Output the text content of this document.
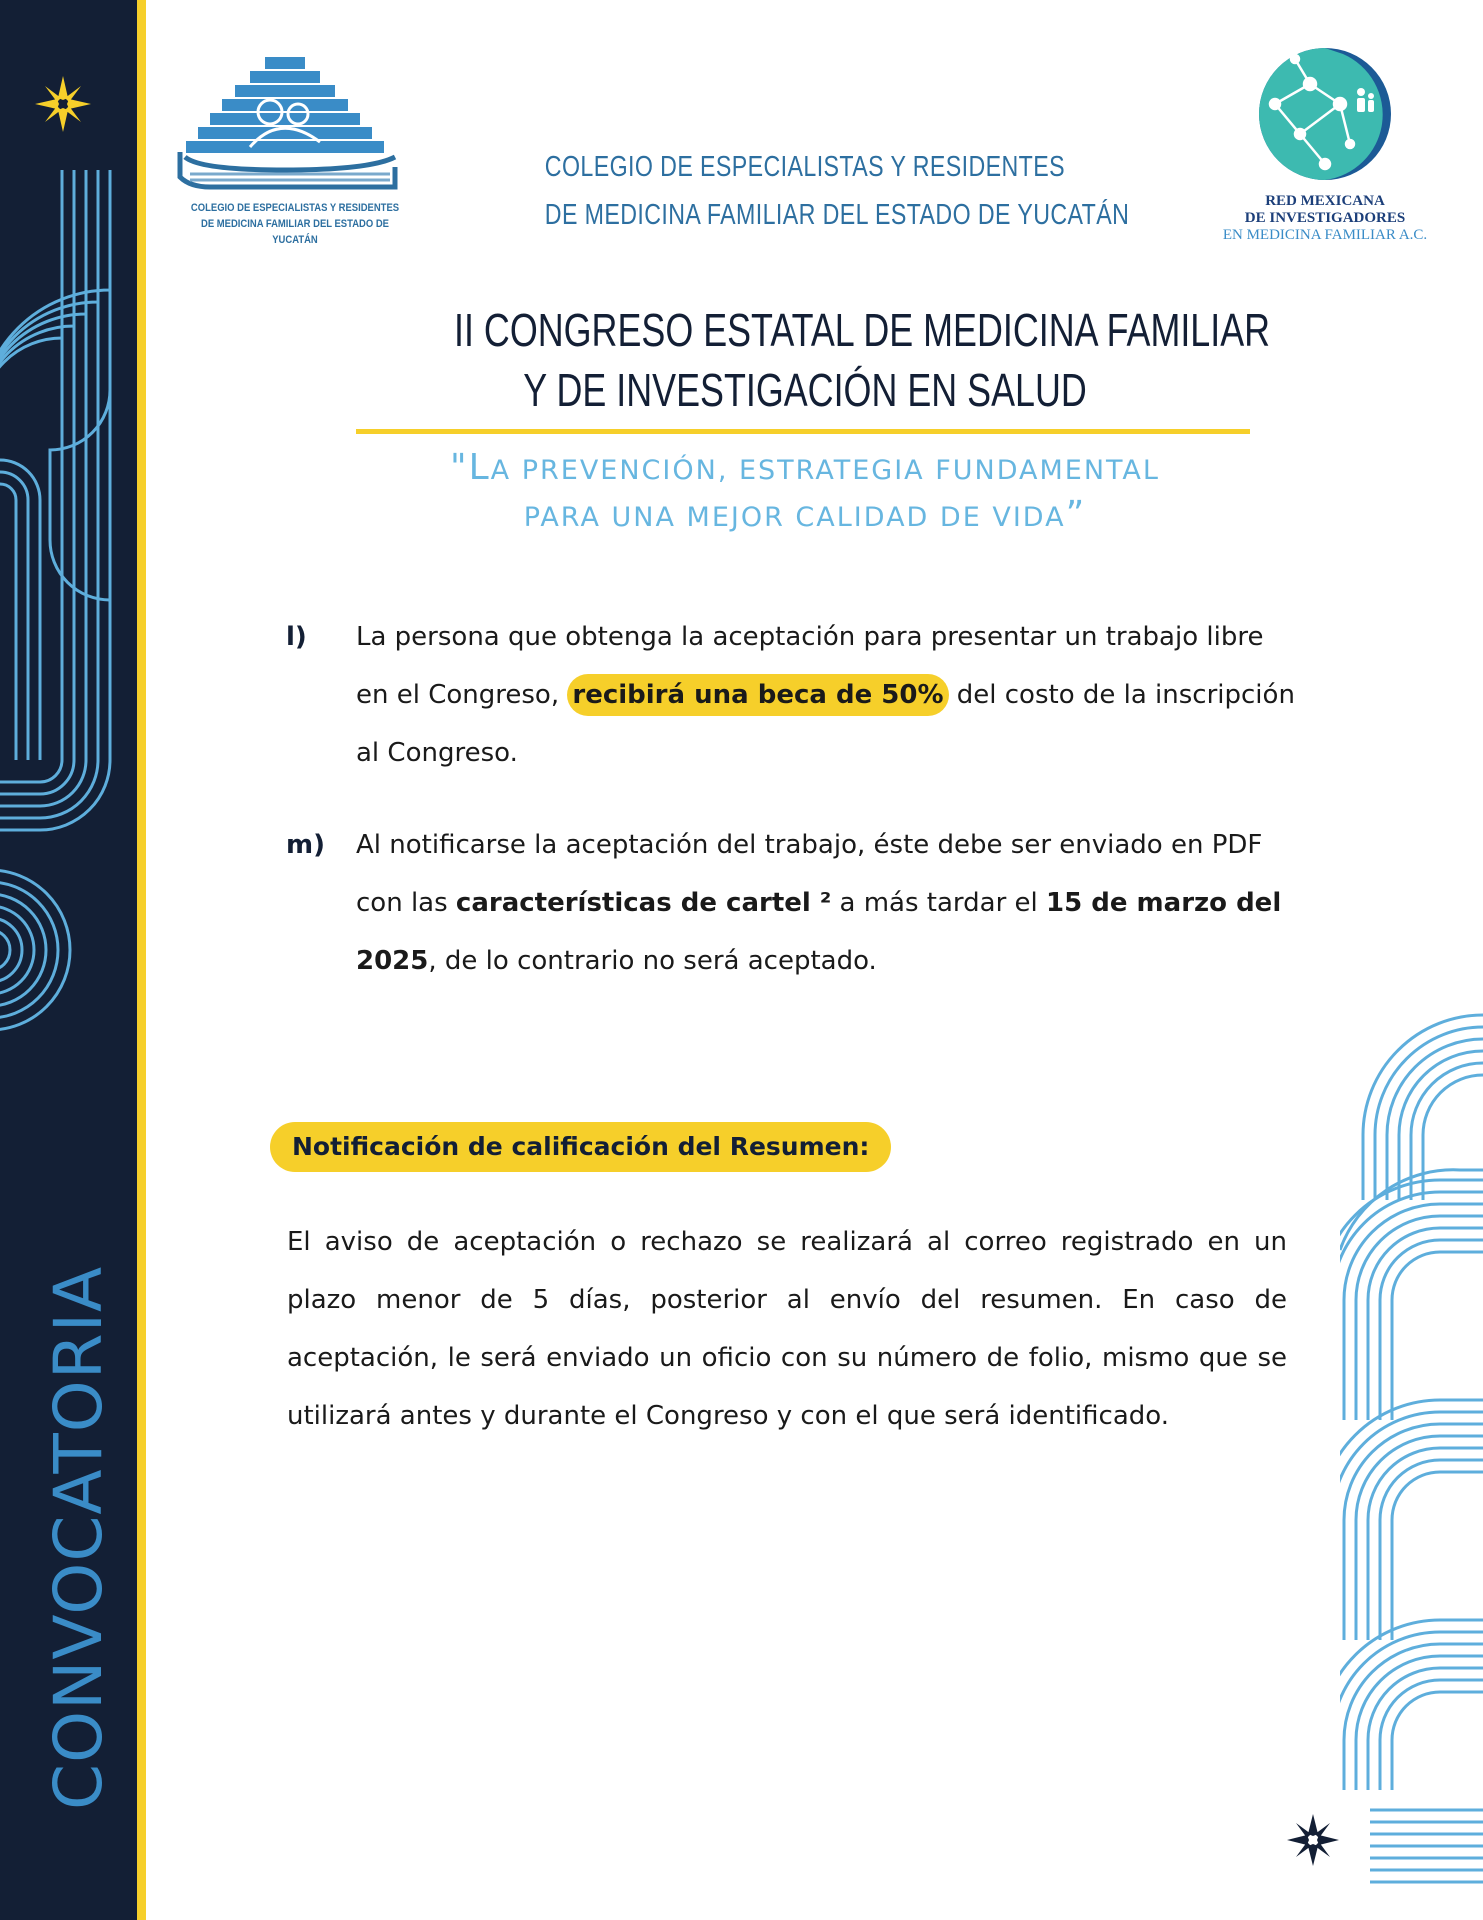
CONVOCATORIA
COLEGIO DE ESPECIALISTAS Y RESIDENTES
DE MEDICINA FAMILIAR DEL ESTADO DE YUCATÁN
COLEGIO DE ESPECIALISTAS Y RESIDENTES
DE MEDICINA FAMILIAR DEL ESTADO DE YUCATÁN	RED MEXICANA
DE INVESTIGADORES
EN MEDICINA FAMILIAR A.C.
II CONGRESO ESTATAL DE MEDICINA FAMILIAR
Y DE INVESTIGACIÓN EN SALUD
"LA PREVENCIÓN, ESTRATEGIA FUNDAMENTAL
PARA UNA MEJOR CALIDAD DE VIDA”
l) La persona que obtenga la aceptación para presentar un trabajo libre en el Congreso, recibirá una beca de 50% del costo de la inscripción al Congreso.
m) Al notificarse la aceptación del trabajo, éste debe ser enviado en PDF con las características de cartel ² a más tardar el 15 de marzo del 2025, de lo contrario no será aceptado.
Notificación de calificación del Resumen:
El aviso de aceptación o rechazo se realizará al correo registrado en un plazo menor de 5 días, posterior al envío del resumen. En caso de aceptación, le será enviado un oficio con su número de folio, mismo que se utilizará antes y durante el Congreso y con el que será identificado.
